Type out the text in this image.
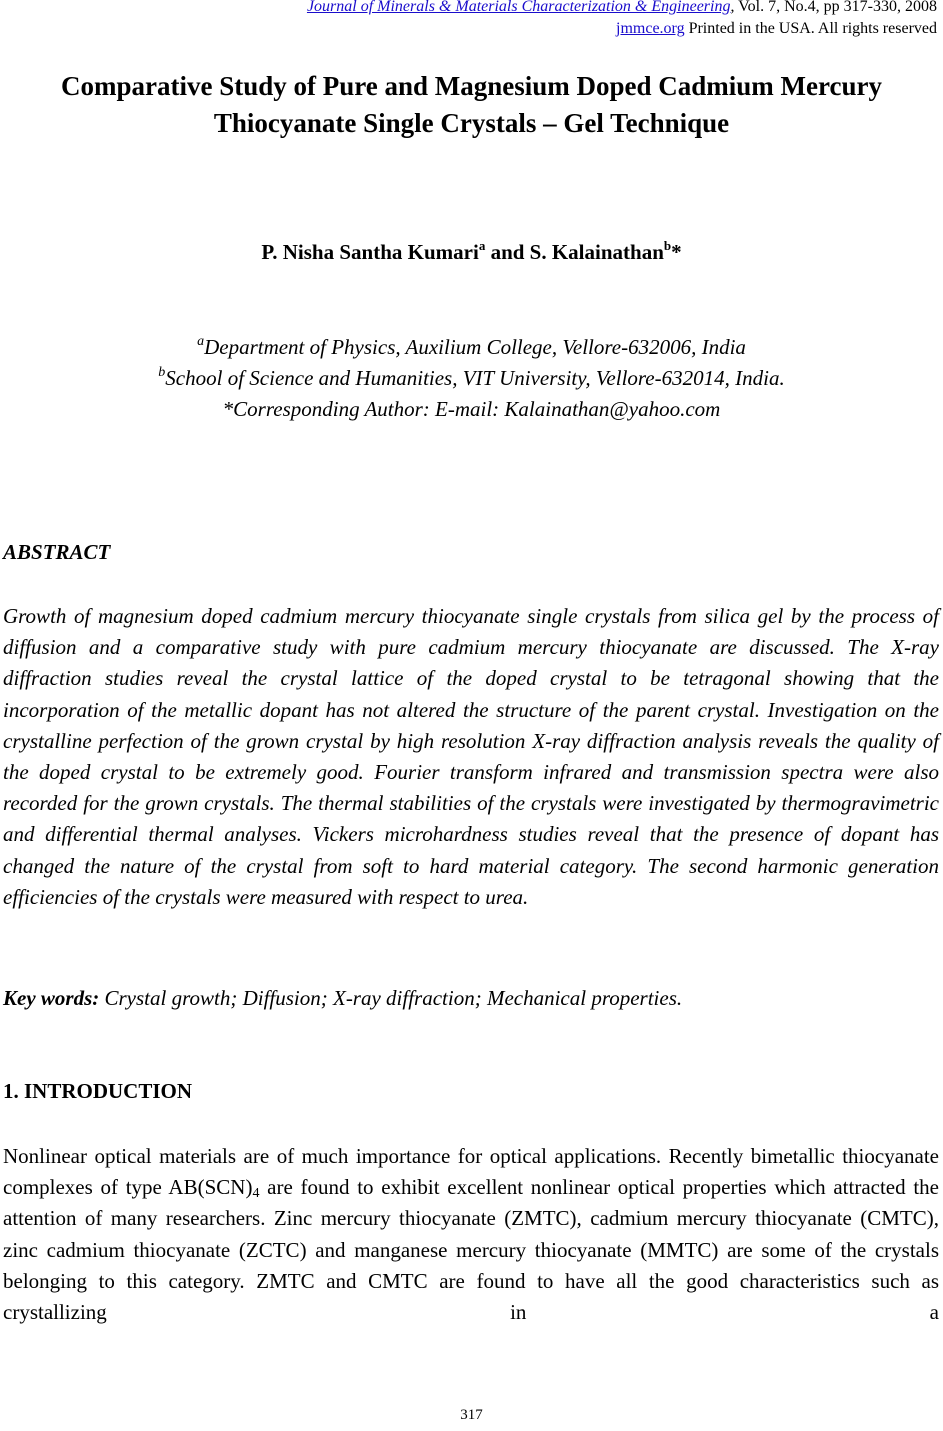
Journal of Minerals & Materials Characterization & Engineering, Vol. 7, No.4, pp 317-330, 2008
jmmce.org Printed in the USA. All rights reserved
Comparative Study of Pure and Magnesium Doped Cadmium Mercury
Thiocyanate Single Crystals – Gel Technique
P. Nisha Santha Kumari$^a$ and S. Kalainathan$^b$*
$^a$Department of Physics, Auxilium College, Vellore-632006, India
$^b$School of Science and Humanities, VIT University, Vellore-632014, India.
*Corresponding Author: E-mail: Kalainathan@yahoo.com
ABSTRACT
Growth of magnesium doped cadmium mercury thiocyanate single crystals from silica gel by the process of diffusion and a comparative study with pure cadmium mercury thiocyanate are discussed. The X-ray diffraction studies reveal the crystal lattice of the doped crystal to be tetragonal showing that the incorporation of the metallic dopant has not altered the structure of the parent crystal. Investigation on the crystalline perfection of the grown crystal by high resolution X-ray diffraction analysis reveals the quality of the doped crystal to be extremely good. Fourier transform infrared and transmission spectra were also recorded for the grown crystals. The thermal stabilities of the crystals were investigated by thermogravimetric and differential thermal analyses. Vickers microhardness studies reveal that the presence of dopant has changed the nature of the crystal from soft to hard material category. The second harmonic generation efficiencies of the crystals were measured with respect to urea.
Key words: Crystal growth; Diffusion; X-ray diffraction; Mechanical properties.
1. INTRODUCTION
Nonlinear optical materials are of much importance for optical applications. Recently bimetallic thiocyanate complexes of type $AB(SCN)_4$ are found to exhibit excellent nonlinear optical properties which attracted the attention of many researchers. Zinc mercury thiocyanate (ZMTC), cadmium mercury thiocyanate (CMTC), zinc cadmium thiocyanate (ZCTC) and manganese mercury thiocyanate (MMTC) are some of the crystals belonging to this category. ZMTC and CMTC are found to have all the good characteristics such as crystallizing in a
317
